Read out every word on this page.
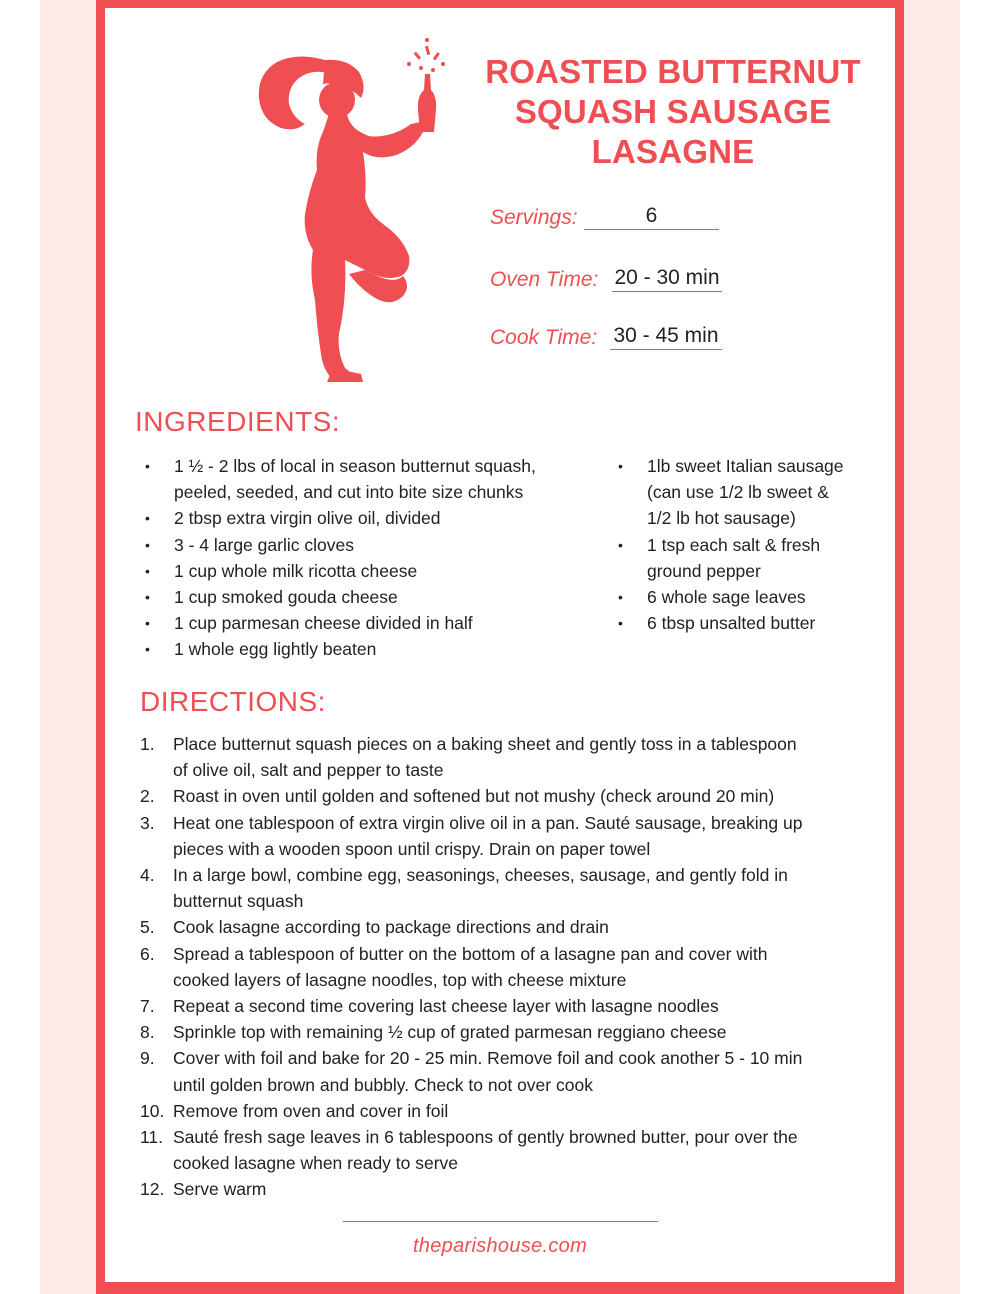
ROASTED BUTTERNUT
SQUASH SAUSAGE
LASAGNE
Servings:	6
Oven Time: 20 - 30 min
Cook Time: 30 - 45 min
INGREDIENTS:
• 1 ½ - 2 lbs of local in season butternut squash,
peeled, seeded, and cut into bite size chunks
• 2 tbsp extra virgin olive oil, divided
• 3 - 4 large garlic cloves
• 1 cup whole milk ricotta cheese
• 1 cup smoked gouda cheese
• 1 cup parmesan cheese divided in half
• 1 whole egg lightly beaten
• 1lb sweet Italian sausage
(can use 1/2 lb sweet &
1/2 lb hot sausage)
• 1 tsp each salt & fresh
ground pepper
• 6 whole sage leaves
• 6 tbsp unsalted butter
DIRECTIONS:
1. Place butternut squash pieces on a baking sheet and gently toss in a tablespoon
of olive oil, salt and pepper to taste
2. Roast in oven until golden and softened but not mushy (check around 20 min)
3. Heat one tablespoon of extra virgin olive oil in a pan. Sauté sausage, breaking up
pieces with a wooden spoon until crispy. Drain on paper towel
4. In a large bowl, combine egg, seasonings, cheeses, sausage, and gently fold in
butternut squash
5. Cook lasagne according to package directions and drain
6. Spread a tablespoon of butter on the bottom of a lasagne pan and cover with
cooked layers of lasagne noodles, top with cheese mixture
7. Repeat a second time covering last cheese layer with lasagne noodles
8. Sprinkle top with remaining ½ cup of grated parmesan reggiano cheese
9. Cover with foil and bake for 20 - 25 min. Remove foil and cook another 5 - 10 min
until golden brown and bubbly. Check to not over cook
10. Remove from oven and cover in foil
11. Sauté fresh sage leaves in 6 tablespoons of gently browned butter, pour over the
cooked lasagne when ready to serve
12. Serve warm
theparishouse.com
